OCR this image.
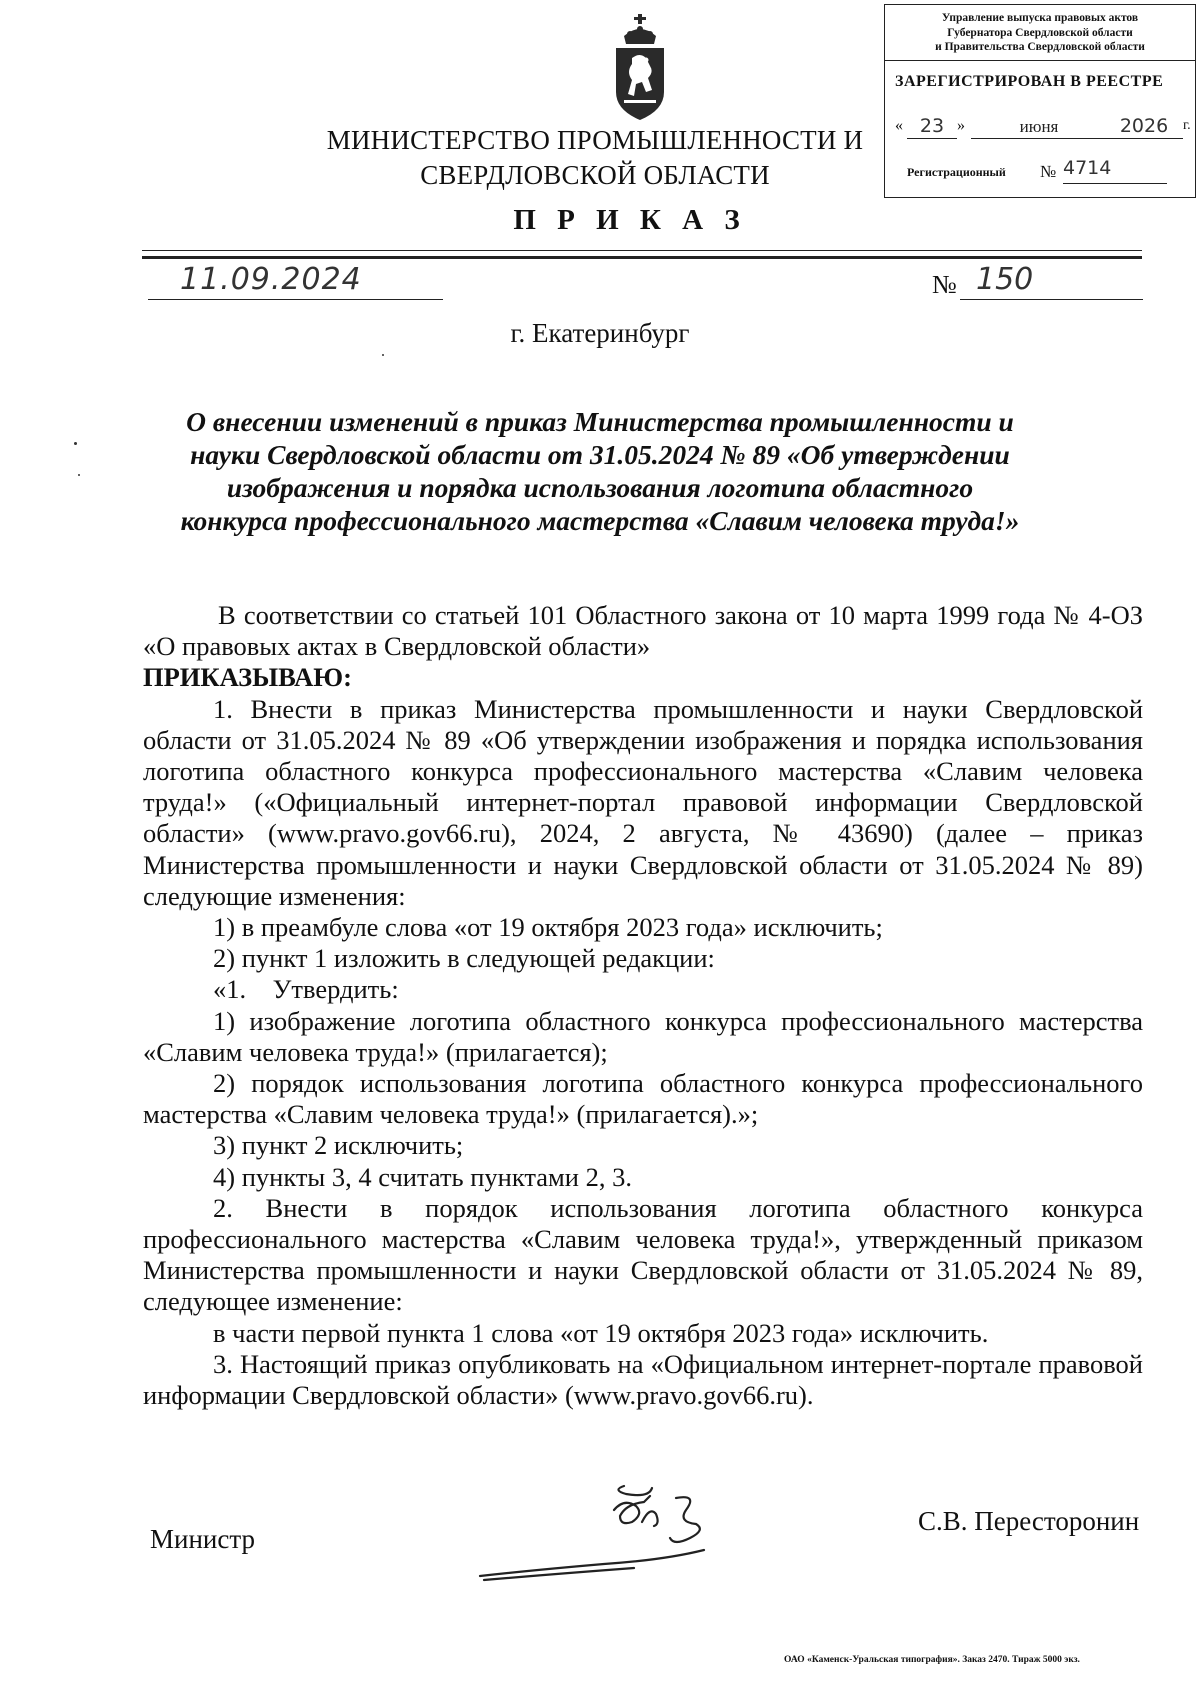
МИНИСТЕРСТВО ПРОМЫШЛЕННОСТИ И
СВЕРДЛОВСКОЙ ОБЛАСТИ
П Р И К А З
Управление выпуска правовых актов
Губернатора Свердловской области
и Правительства Свердловской области
ЗАРЕГИСТРИРОВАН В РЕЕСТРЕ
« 23 »	июня	2026	г.
Регистрационный № 4714
11.09.2024	№ 150
г. Екатеринбург
О внесении изменений в приказ Министерства промышленности и науки Свердловской области от 31.05.2024 № 89 «Об утверждении изображения и порядка использования логотипа областного конкурса профессионального мастерства «Славим человека труда!»

В соответствии со статьей 101 Областного закона от 10 марта 1999 года № 4-ОЗ «О правовых актах в Свердловской области»

ПРИКАЗЫВАЮ:

1. Внести в приказ Министерства промышленности и науки Свердловской области от 31.05.2024 № 89 «Об утверждении изображения и порядка использования логотипа областного конкурса профессионального мастерства «Славим человека труда!» («Официальный интернет-портал правовой информации Свердловской области» (www.pravo.gov66.ru), 2024, 2 августа, № 43690) (далее – приказ Министерства промышленности и науки Свердловской области от 31.05.2024 № 89) следующие изменения:

1) в преамбуле слова «от 19 октября 2023 года» исключить;

2) пункт 1 изложить в следующей редакции:

«1.    Утвердить:

1) изображение логотипа областного конкурса профессионального мастерства «Славим человека труда!» (прилагается);

2) порядок использования логотипа областного конкурса профессионального мастерства «Славим человека труда!» (прилагается).»;

3) пункт 2 исключить;

4) пункты 3, 4 считать пунктами 2, 3.

2. Внести в порядок использования логотипа областного конкурса профессионального мастерства «Славим человека труда!», утвержденный приказом Министерства промышленности и науки Свердловской области от 31.05.2024 № 89, следующее изменение:

в части первой пункта 1 слова «от 19 октября 2023 года» исключить.

3. Настоящий приказ опубликовать на «Официальном интернет-портале правовой информации Свердловской области» (www.pravo.gov66.ru).

Министр
С.В. Пересторонин
ОАО «Каменск-Уральская типография». Заказ 2470. Тираж 5000 экз.
